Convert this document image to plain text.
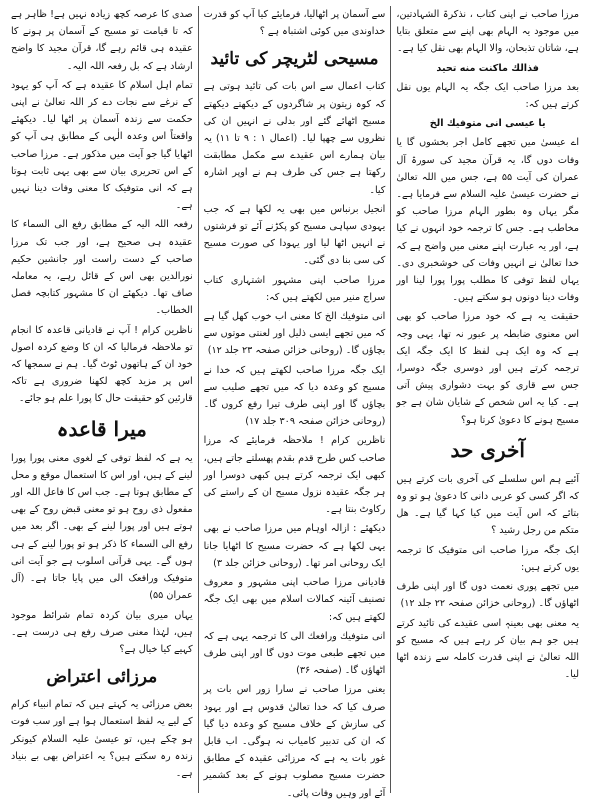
مرزا صاحب نے اپنی کتاب ، نذکرۃ الشہادتین، میں موجود یہ الہام بھی اپنے سے متعلق بتایا ہے، شاتان تذبحان، والا الہام بھی نقل کیا ہے۔

فذالك ماكنت منه تحيد

بعد مرزا صاحب ایک جگہ یہ الہام یوں نقل کرتے ہیں کہ:

يا عيسى انى متوفيك الخ

اے عیسیٰ میں تجھے کامل اجر بخشوں گا یا وفات دوں گا، یہ قرآن مجید کی سورۃ آل عمران کی آیت ۵۵ ہے، جس میں اللہ تعالیٰ نے حضرت عیسیٰ علیہ السلام سے فرمایا ہے۔ مگر یہاں وہ بطور الہام مرزا صاحب کو مخاطب ہے۔ جس کا ترجمہ خود انہوں نے کیا ہے، اور یہ عبارت اپنے معنی میں واضح ہے کہ خدا تعالیٰ نے انہیں وفات کی خوشخبری دی۔ یہاں لفظ توفی کا مطلب پورا پورا لینا اور وفات دینا دونوں ہو سکتے ہیں۔

حقیقت یہ ہے کہ خود مرزا صاحب کو بھی اس معنوی ضابطہ پر عبور نہ تھا، یہی وجہ ہے کہ وہ ایک ہی لفظ کا ایک جگہ ایک ترجمہ کرتے ہیں اور دوسری جگہ دوسرا، جس سے قاری کو بہت دشواری پیش آتی ہے۔ کیا یہ اس شخص کے شایان شان ہے جو مسیح ہونے کا دعویٰ کرتا ہو؟

آخری حد

آئیے ہم اس سلسلے کی آخری بات کرتے ہیں کہ اگر کسی کو عربی دانی کا دعویٰ ہو تو وہ بتائے کہ اس آیت میں کیا کہا گیا ہے۔ هل متكم من رجل رشيد ؟

ایک جگہ مرزا صاحب انی متوفیک کا ترجمہ یوں کرتے ہیں:

میں تجھے پوری نعمت دوں گا اور اپنی طرف اٹھاؤں گا۔ (روحانی خزائن صفحہ ۲۲ جلد ۱۲)

یہ معنی بھی بعینہٖ اسی عقیدے کی تائید کرتے ہیں جو ہم بیان کر رہے ہیں کہ مسیح کو اللہ تعالیٰ نے اپنی قدرت کاملہ سے زندہ اٹھا لیا۔

سے آسمان پر اٹھالیا، فرمایئے کیا آپ کو قدرت خداوندی میں کوئی اشتباہ ہے ؟

مسیحی لٹریچر کی تائید

کتاب اعمال سے اس بات کی تائید ہوتی ہے کہ کوہ زیتون پر شاگردوں کے دیکھتے دیکھتے مسیح اٹھائے گئے اور بدلی نے انہیں ان کی نظروں سے چھپا لیا۔ (اعمال ۱ : ۹ تا ۱۱) یہ بیان ہمارے اس عقیدے سے مکمل مطابقت رکھتا ہے جس کی طرف ہم نے اوپر اشارہ کیا۔

انجیل برنباس میں بھی یہ لکھا ہے کہ جب یہودی سپاہی مسیح کو پکڑنے آئے تو فرشتوں نے انہیں اٹھا لیا اور یہودا کی صورت مسیح کی سی بنا دی گئی۔

مرزا صاحب اپنی مشہور اشتہاری کتاب سراج منیر میں لکھتے ہیں کہ:

انی متوفيك الخ کا معنی اب خوب کھل گیا ہے کہ میں تجھے ایسی ذلیل اور لعنتی موتوں سے بچاؤں گا۔ (روحانی خزائن صفحہ ۲۳ جلد ۱۲)

ایک جگہ مرزا صاحب لکھتے ہیں کہ خدا نے مسیح کو وعدہ دیا کہ میں تجھے صلیب سے بچاؤں گا اور اپنی طرف تیرا رفع کروں گا۔ (روحانی خزائن صفحہ ۳۰۹ جلد ۱۷)

ناظرین کرام ! ملاحظہ فرمایئے کہ مرزا صاحب کس طرح قدم بقدم پھسلتے جاتے ہیں، کبھی ایک ترجمہ کرتے ہیں کبھی دوسرا اور ہر جگہ عقیدہ نزول مسیح ان کے راستے کی رکاوٹ بنتا ہے۔

دیکھئے : ازالہ اوہام میں مرزا صاحب نے بھی یہی لکھا ہے کہ حضرت مسیح کا اٹھایا جانا ایک روحانی امر تھا۔ (روحانی خزائن جلد ۳)

قادیانی مرزا صاحب اپنی مشہور و معروف تصنیف آئینہ کمالات اسلام میں بھی ایک جگہ لکھتے ہیں کہ:

انی متوفيك ورافعك الى کا ترجمہ یہی ہے کہ میں تجھے طبعی موت دوں گا اور اپنی طرف اٹھاؤں گا۔ (صفحہ ۳۶)

یعنی مرزا صاحب نے سارا زور اس بات پر صرف کیا کہ خدا تعالیٰ قدوس ہے اور یہود کی سازش کے خلاف مسیح کو وعدہ دیا گیا کہ ان کی تدبیر کامیاب نہ ہوگی۔ اب قابل غور بات یہ ہے کہ مرزائی عقیدہ کے مطابق حضرت مسیح مصلوب ہونے کے بعد کشمیر آئے اور وہیں وفات پائی۔

صدی کا عرصہ کچھ زیادہ نہیں ہے! ظاہر ہے کہ تا قیامت تو مسیح کے آسمان پر ہونے کا عقیدہ ہی قائم رہے گا، قرآن مجید کا واضح ارشاد ہے کہ بل رفعہ اللہ الیہ۔

تمام اہل اسلام کا عقیدہ ہے کہ آپ کو یہود کے نرغے سے نجات دے کر اللہ تعالیٰ نے اپنی حکمت سے زندہ آسمان پر اٹھا لیا۔ دیکھئے واقعتاً اس وعدہ الٰہی کے مطابق ہی آپ کو اٹھایا گیا جو آیت میں مذکور ہے۔ مرزا صاحب کے اس تحریری بیان سے بھی یہی ثابت ہوتا ہے کہ انی متوفیک کا معنی وفات دینا نہیں ہے۔

رفعہ اللہ الیہ کے مطابق رفع الی السماء کا عقیدہ ہی صحیح ہے، اور جب تک مرزا صاحب کے دست راست اور جانشین حکیم نورالدین بھی اس کے قائل رہے، یہ معاملہ صاف تھا۔ دیکھئے ان کا مشہور کتابچہ فصل الخطاب۔

ناظرین کرام ! آپ نے قادیانی قاعدہ کا انجام تو ملاحظہ فرمالیا کہ ان کا وضع کردہ اصول خود ان کے ہاتھوں ٹوٹ گیا۔ ہم نے سمجھا کہ اس پر مزید کچھ لکھنا ضروری ہے تاکہ قارئین کو حقیقت حال کا پورا علم ہو جائے۔

میرا قاعدہ

یہ ہے کہ لفظ توفی کے لغوی معنی پورا پورا لینے کے ہیں، اور اس کا استعمال موقع و محل کے مطابق ہوتا ہے۔ جب اس کا فاعل اللہ اور مفعول ذی روح ہو تو معنی قبض روح کے بھی ہوتے ہیں اور پورا لینے کے بھی۔ اگر بعد میں رفع الی السماء کا ذکر ہو تو پورا لینے کے ہی ہوں گے۔ یہی قرآنی اسلوب ہے جو آیت انی متوفیک ورافعک الی میں پایا جاتا ہے۔ (آل عمران ۵۵)

یہاں میری بیان کردہ تمام شرائط موجود ہیں، لہٰذا معنی صرف رفع ہی درست ہے۔ کہیے کیا خیال ہے؟

مرزائی اعتراض

بعض مرزائی یہ کہتے ہیں کہ تمام انبیاء کرام کے لیے یہ لفظ استعمال ہوا ہے اور سب فوت ہو چکے ہیں، تو عیسیٰ علیہ السلام کیونکر زندہ رہ سکتے ہیں؟ یہ اعتراض بھی بے بنیاد ہے۔
